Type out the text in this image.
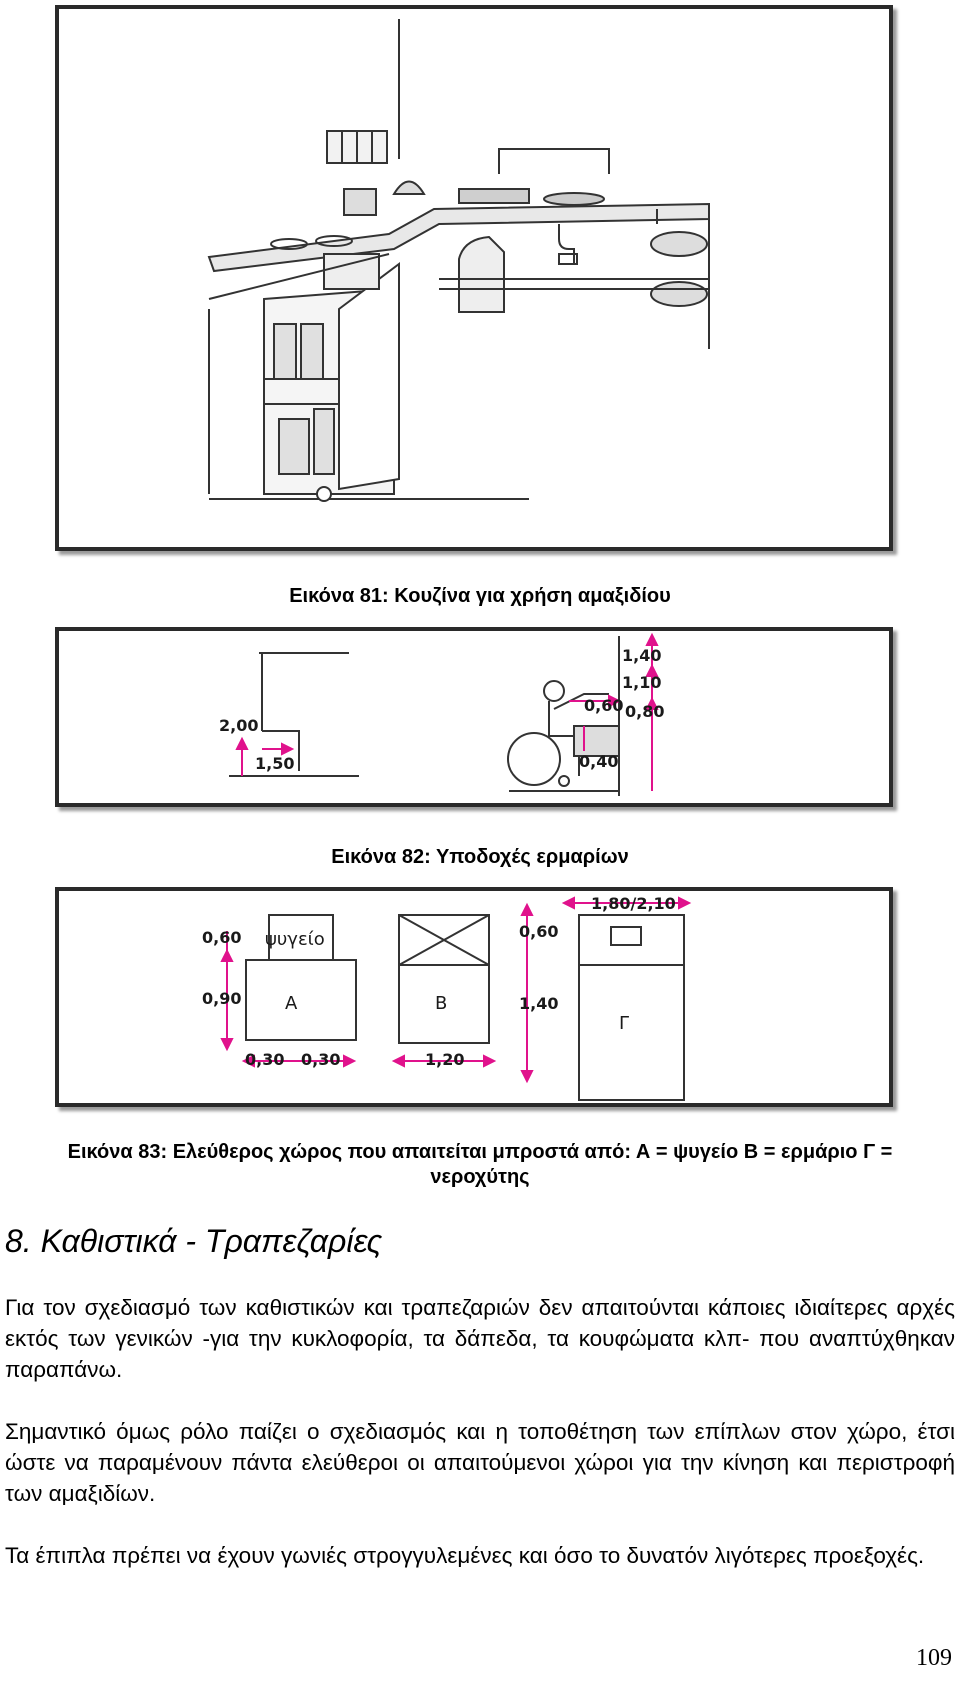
Εικόνα 81: Κουζίνα για χρήση αμαξιδίου
2,00
1,50
1,40
1,10
0,80
0,60
0,40
Εικόνα 82: Υποδοχές ερμαρίων
ψυγείο
Α
0,60
0,90
0,30 0,30
Β
1,20
Γ
0,60
1,40
1,80/2,10
Εικόνα 83: Ελεύθερος χώρος που απαιτείται μπροστά από: Α = ψυγείο Β = ερμάριο Γ =
νεροχύτης
8. Καθιστικά - Τραπεζαρίες

Για τον σχεδιασμό των καθιστικών και τραπεζαριών δεν απαιτούνται κάποιες ιδιαίτερες αρχές εκτός των γενικών -για την κυκλοφορία, τα δάπεδα, τα κουφώματα κλπ- που αναπτύχθηκαν παραπάνω.

Σημαντικό όμως ρόλο παίζει ο σχεδιασμός και η τοποθέτηση των επίπλων στον χώρο, έτσι ώστε να παραμένουν πάντα ελεύθεροι οι απαιτούμενοι χώροι για την κίνηση και περιστροφή των αμαξιδίων.

Τα έπιπλα πρέπει να έχουν γωνιές στρογγυλεμένες και όσο το δυνατόν λιγότερες προεξοχές.

109
